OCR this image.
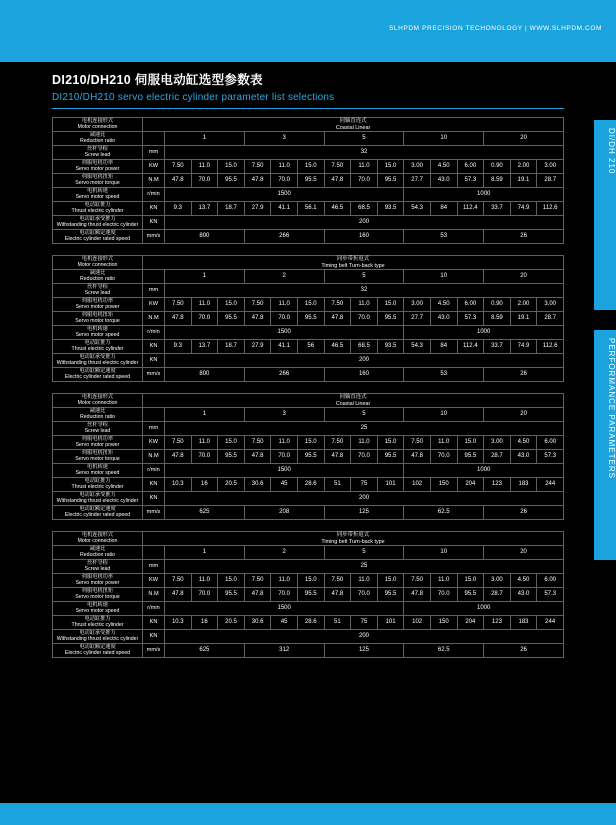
SLHPDM PRECISION TECHONOLOGY | WWW.SLHPDM.COM
DI/DH 210
PERFORMANCE PARAMETERS
DI210/DH210 伺服电动缸选型参数表
DI210/DH210 servo electric cylinder parameter list selections
电机连接形式
Motor connection	同轴直连式
Coaxial Linear															

减速比
Reduction ratio		1			3			5			10			20		

丝杆导程
Screw lead	mm	32														

伺服电机功率
Servo motor power	KW	7.50	11.0	15.0	7.50	11.0	15.0	7.50	11.0	15.0	3.00	4.50	6.00	0.90	2.00	3.00

伺服电机扭矩
Servo motor torque	N.M	47.8	70.0	95.5	47.8	70.0	95.5	47.8	70.0	95.5	27.7	43.0	57.3	8.59	19.1	28.7

电机转速
Servo motor speed	r/min	1500									1000					

电动缸推力
Thrust electric cylinder	KN	9.3	13.7	18.7	27.9	41.1	56.1	46.5	68.5	93.5	54.3	84	112.4	33.7	74.9	112.6

电动缸承受推力
Withstanding thrust electric cylinder	KN	200														

电动缸额定速度
Electric cylinder rated speed	mm/s	800			266			160			53			26		
电机连接形式
Motor connection	同步带折返式
Timing belt Turn-back type															

减速比
Reduction ratio		1			2			5			10			20		

丝杆导程
Screw lead	mm	32														

伺服电机功率
Servo motor power	KW	7.50	11.0	15.0	7.50	11.0	15.0	7.50	11.0	15.0	3.00	4.50	6.00	0.90	2.00	3.00

伺服电机扭矩
Servo motor torque	N.M	47.8	70.0	95.5	47.8	70.0	95.5	47.8	70.0	95.5	27.7	43.0	57.3	8.59	19.1	28.7

电机转速
Servo motor speed	r/min	1500									1000					

电动缸推力
Thrust electric cylinder	KN	9.3	13.7	18.7	27.9	41.1	56	46.5	68.5	93.5	54.3	84	112.4	33.7	74.9	112.6

电动缸承受推力
Withstanding thrust electric cylinder	KN	200														

电动缸额定速度
Electric cylinder rated speed	mm/s	800			266			160			53			26		
电机连接形式
Motor connection	同轴直连式
Coaxial Linear															

减速比
Reduction ratio		1			3			5			10			20		

丝杆导程
Screw lead	mm	25														

伺服电机功率
Servo motor power	KW	7.50	11.0	15.0	7.50	11.0	15.0	7.50	11.0	15.0	7.50	11.0	15.0	3.00	4.50	6.00

伺服电机扭矩
Servo motor torque	N.M	47.8	70.0	95.5	47.8	70.0	95.5	47.8	70.0	95.5	47.8	70.0	95.5	28.7	43.0	57.3

电机转速
Servo motor speed	r/min	1500									1000					

电动缸推力
Thrust electric cylinder	KN	10.3	16	20.5	30.6	45	28.6	51	75	101	102	150	204	123	183	244

电动缸承受推力
Withstanding thrust electric cylinder	KN	200														

电动缸额定速度
Electric cylinder rated speed	mm/s	625			208			125			62.5			26		
电机连接形式
Motor connection	同步带折返式
Timing belt Turn-back type															

减速比
Reduction ratio		1			2			5			10			20		

丝杆导程
Screw lead	mm	25														

伺服电机功率
Servo motor power	KW	7.50	11.0	15.0	7.50	11.0	15.0	7.50	11.0	15.0	7.50	11.0	15.0	3.00	4.50	6.00

伺服电机扭矩
Servo motor torque	N.M	47.8	70.0	95.5	47.8	70.0	95.5	47.8	70.0	95.5	47.8	70.0	95.5	28.7	43.0	57.3

电机转速
Servo motor speed	r/min	1500									1000					

电动缸推力
Thrust electric cylinder	KN	10.3	16	20.5	30.6	45	28.6	51	75	101	102	150	204	123	183	244

电动缸承受推力
Withstanding thrust electric cylinder	KN	200														

电动缸额定速度
Electric cylinder rated speed	mm/s	625			312			125			62.5			26		
